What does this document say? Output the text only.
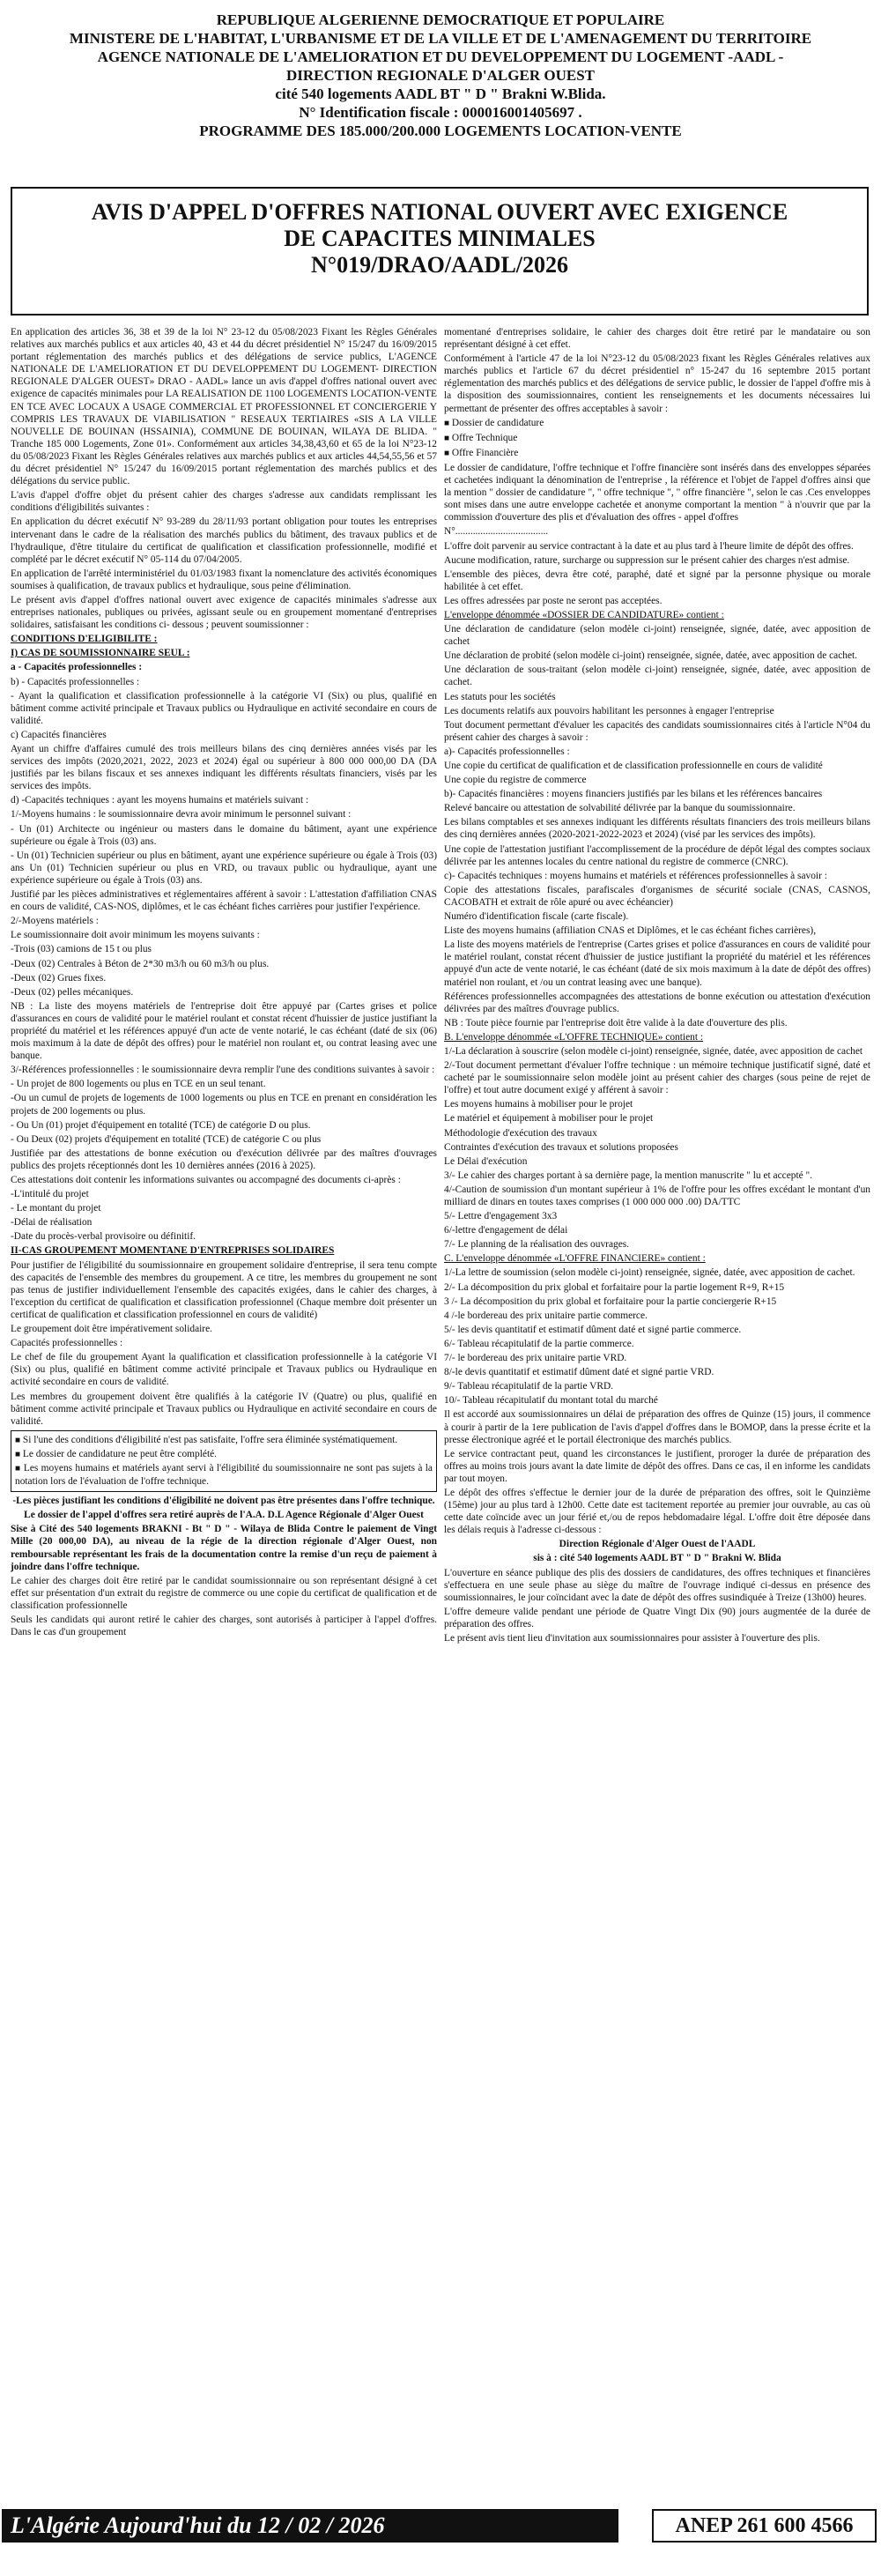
REPUBLIQUE ALGERIENNE DEMOCRATIQUE ET POPULAIRE
MINISTERE DE L'HABITAT, L'URBANISME ET DE LA VILLE ET DE L'AMENAGEMENT DU TERRITOIRE
AGENCE NATIONALE DE L'AMELIORATION ET DU DEVELOPPEMENT DU LOGEMENT -AADL -
DIRECTION REGIONALE D'ALGER OUEST
cité 540 logements AADL BT " D " Brakni W.Blida.
N° Identification fiscale : 000016001405697 .
PROGRAMME DES 185.000/200.000 LOGEMENTS LOCATION-VENTE
AVIS D'APPEL D'OFFRES NATIONAL OUVERT AVEC EXIGENCE
DE CAPACITES MINIMALES
N°019/DRAO/AADL/2026

En application des articles 36, 38 et 39 de la loi N° 23-12 du 05/08/2023 Fixant les Règles Générales relatives aux marchés publics et aux articles 40, 43 et 44 du décret présidentiel N° 15/247 du 16/09/2015 portant réglementation des marchés publics et des délégations de service publics, L'AGENCE NATIONALE DE L'AMELIORATION ET DU DEVELOPPEMENT DU LOGEMENT- DIRECTION REGIONALE D'ALGER OUEST» DRAO - AADL» lance un avis d'appel d'offres national ouvert avec exigence de capacités minimales pour LA REALISATION DE 1100 LOGEMENTS LOCATION-VENTE EN TCE AVEC LOCAUX A USAGE COMMERCIAL ET PROFESSIONNEL ET CONCIERGERIE Y COMPRIS LES TRAVAUX DE VIABILISATION " RESEAUX TERTIAIRES «SIS A LA VILLE NOUVELLE DE BOUINAN (HSSAINIA), COMMUNE DE BOUINAN, WILAYA DE BLIDA. " Tranche 185 000 Logements, Zone 01». Conformément aux articles 34,38,43,60 et 65 de la loi N°23-12 du 05/08/2023 Fixant les Règles Générales relatives aux marchés publics et aux articles 44,54,55,56 et 57 du décret présidentiel N° 15/247 du 16/09/2015 portant réglementation des marchés publics et des délégations du service public.

L'avis d'appel d'offre objet du présent cahier des charges s'adresse aux candidats remplissant les conditions d'éligibilités suivantes :

En application du décret exécutif N° 93-289 du 28/11/93 portant obligation pour toutes les entreprises intervenant dans le cadre de la réalisation des marchés publics du bâtiment, des travaux publics et de l'hydraulique, d'être titulaire du certificat de qualification et classification professionnelle, modifié et complété par le décret exécutif N° 05-114 du 07/04/2005.

En application de l'arrêté interministériel du 01/03/1983 fixant la nomenclature des activités économiques soumises à qualification, de travaux publics et hydraulique, sous peine d'élimination.

Le présent avis d'appel d'offres national ouvert avec exigence de capacités minimales s'adresse aux entreprises nationales, publiques ou privées, agissant seule ou en groupement momentané d'entreprises solidaires, satisfaisant les conditions ci- dessous ; peuvent soumissionner :

CONDITIONS D'ELIGIBILITE :

I) CAS DE SOUMISSIONNAIRE SEUL :

a - Capacités professionnelles :

b) - Capacités professionnelles :

- Ayant la qualification et classification professionnelle à la catégorie VI (Six) ou plus, qualifié en bâtiment comme activité principale et Travaux publics ou Hydraulique en activité secondaire en cours de validité.

c) Capacités financières

Ayant un chiffre d'affaires cumulé des trois meilleurs bilans des cinq dernières années visés par les services des impôts (2020,2021, 2022, 2023 et 2024) égal ou supérieur à 800 000 000,00 DA (DA justifiés par les bilans fiscaux et ses annexes indiquant les différents résultats financiers, visés par les services des impôts.

d) -Capacités techniques : ayant les moyens humains et matériels suivant :

1/-Moyens humains : le soumissionnaire devra avoir minimum le personnel suivant :

- Un (01) Architecte ou ingénieur ou masters dans le domaine du bâtiment, ayant une expérience supérieure ou égale à Trois (03) ans.

- Un (01) Technicien supérieur ou plus en bâtiment, ayant une expérience supérieure ou égale à Trois (03) ans Un (01) Technicien supérieur ou plus en VRD, ou travaux public ou hydraulique, ayant une expérience supérieure ou égale à Trois (03) ans.

Justifié par les pièces administratives et réglementaires afférent à savoir : L'attestation d'affiliation CNAS en cours de validité, CAS-NOS, diplômes, et le cas échéant fiches carrières pour justifier l'expérience.

2/-Moyens matériels :

Le soumissionnaire doit avoir minimum les moyens suivants :

-Trois (03) camions de 15 t ou plus

-Deux (02) Centrales à Béton de 2*30 m3/h ou 60 m3/h ou plus.

-Deux (02) Grues fixes.

-Deux (02) pelles mécaniques.

NB : La liste des moyens matériels de l'entreprise doit être appuyé par (Cartes grises et police d'assurances en cours de validité pour le matériel roulant et constat récent d'huissier de justice justifiant la propriété du matériel et les références appuyé d'un acte de vente notarié, le cas échéant (daté de six (06) mois maximum à la date de dépôt des offres) pour le matériel non roulant et, ou contrat leasing avec une banque.

3/-Références professionnelles : le soumissionnaire devra remplir l'une des conditions suivantes à savoir :

- Un projet de 800 logements ou plus en TCE en un seul tenant.

-Ou un cumul de projets de logements de 1000 logements ou plus en TCE en prenant en considération les projets de 200 logements ou plus.

- Ou Un (01) projet d'équipement en totalité (TCE) de catégorie D ou plus.

- Ou Deux (02) projets d'équipement en totalité (TCE) de catégorie C ou plus

Justifiée par des attestations de bonne exécution ou d'exécution délivrée par des maîtres d'ouvrages publics des projets réceptionnés dont les 10 dernières années (2016 à 2025).

Ces attestations doit contenir les informations suivantes ou accompagné des documents ci-après :

-L'intitulé du projet

- Le montant du projet

-Délai de réalisation

-Date du procès-verbal provisoire ou définitif.

II-CAS GROUPEMENT MOMENTANE D'ENTREPRISES SOLIDAIRES

Pour justifier de l'éligibilité du soumissionnaire en groupement solidaire d'entreprise, il sera tenu compte des capacités de l'ensemble des membres du groupement. A ce titre, les membres du groupement ne sont pas tenus de justifier individuellement l'ensemble des capacités exigées, dans le cahier des charges, à l'exception du certificat de qualification et classification professionnel (Chaque membre doit présenter un certificat de qualification et classification professionnel en cours de validité)

Le groupement doit être impérativement solidaire.

Capacités professionnelles :

Le chef de file du groupement Ayant la qualification et classification professionnelle à la catégorie VI (Six) ou plus, qualifié en bâtiment comme activité principale et Travaux publics ou Hydraulique en activité secondaire en cours de validité.

Les membres du groupement doivent être qualifiés à la catégorie IV (Quatre) ou plus, qualifié en bâtiment comme activité principale et Travaux publics ou Hydraulique en activité secondaire en cours de validité.

■ Si l'une des conditions d'éligibilité n'est pas satisfaite, l'offre sera éliminée systématiquement.

■ Le dossier de candidature ne peut être complété.

■ Les moyens humains et matériels ayant servi à l'éligibilité du soumissionnaire ne sont pas sujets à la notation lors de l'évaluation de l'offre technique.

-Les pièces justifiant les conditions d'éligibilité ne doivent pas être présentes dans l'offre technique.

Le dossier de l'appel d'offres sera retiré auprès de l'A.A. D.L Agence Régionale d'Alger Ouest

Sise à Cité des 540 logements BRAKNI - Bt " D " - Wilaya de Blida Contre le paiement de Vingt Mille (20 000,00 DA), au niveau de la régie de la direction régionale d'Alger Ouest, non remboursable représentant les frais de la documentation contre la remise d'un reçu de paiement à joindre dans l'offre technique.

Le cahier des charges doit être retiré par le candidat soumissionnaire ou son représentant désigné à cet effet sur présentation d'un extrait du registre de commerce ou une copie du certificat de qualification et de classification professionnelle

Seuls les candidats qui auront retiré le cahier des charges, sont autorisés à participer à l'appel d'offres. Dans le cas d'un groupement

momentané d'entreprises solidaire, le cahier des charges doit être retiré par le mandataire ou son représentant désigné à cet effet.

Conformément à l'article 47 de la loi N°23-12 du 05/08/2023 fixant les Règles Générales relatives aux marchés publics et l'article 67 du décret présidentiel n° 15-247 du 16 septembre 2015 portant réglementation des marchés publics et des délégations de service public, le dossier de l'appel d'offre mis à la disposition des soumissionnaires, contient les renseignements et les documents nécessaires lui permettant de présenter des offres acceptables à savoir :

■ Dossier de candidature

■ Offre Technique

■ Offre Financière

Le dossier de candidature, l'offre technique et l'offre financière sont insérés dans des enveloppes séparées et cachetées indiquant la dénomination de l'entreprise , la référence et l'objet de l'appel d'offres ainsi que la mention " dossier de candidature ", " offre technique ", " offre financière ", selon le cas .Ces enveloppes sont mises dans une autre enveloppe cachetée et anonyme comportant la mention " à n'ouvrir que par la commission d'ouverture des plis et d'évaluation des offres - appel d'offres

N°.....................................

L'offre doit parvenir au service contractant à la date et au plus tard à l'heure limite de dépôt des offres.

Aucune modification, rature, surcharge ou suppression sur le présent cahier des charges n'est admise.

L'ensemble des pièces, devra être coté, paraphé, daté et signé par la personne physique ou morale habilitée à cet effet.

Les offres adressées par poste ne seront pas acceptées.

L'enveloppe dénommée «DOSSIER DE CANDIDATURE» contient :

Une déclaration de candidature (selon modèle ci-joint) renseignée, signée, datée, avec apposition de cachet

Une déclaration de probité (selon modèle ci-joint) renseignée, signée, datée, avec apposition de cachet.

Une déclaration de sous-traitant (selon modèle ci-joint) renseignée, signée, datée, avec apposition de cachet.

Les statuts pour les sociétés

Les documents relatifs aux pouvoirs habilitant les personnes à engager l'entreprise

Tout document permettant d'évaluer les capacités des candidats soumissionnaires cités à l'article N°04 du présent cahier des charges à savoir :

a)- Capacités professionnelles :

Une copie du certificat de qualification et de classification professionnelle en cours de validité

Une copie du registre de commerce

b)- Capacités financières : moyens financiers justifiés par les bilans et les références bancaires

Relevé bancaire ou attestation de solvabilité délivrée par la banque du soumissionnaire.

Les bilans comptables et ses annexes indiquant les différents résultats financiers des trois meilleurs bilans des cinq dernières années (2020-2021-2022-2023 et 2024) (visé par les services des impôts).

Une copie de l'attestation justifiant l'accomplissement de la procédure de dépôt légal des comptes sociaux délivrée par les antennes locales du centre national du registre de commerce (CNRC).

c)- Capacités techniques : moyens humains et matériels et références professionnelles à savoir :

Copie des attestations fiscales, parafiscales d'organismes de sécurité sociale (CNAS, CASNOS, CACOBATH et extrait de rôle apuré ou avec échéancier)

Numéro d'identification fiscale (carte fiscale).

Liste des moyens humains (affiliation CNAS et Diplômes, et le cas échéant fiches carrières),

La liste des moyens matériels de l'entreprise (Cartes grises et police d'assurances en cours de validité pour le matériel roulant, constat récent d'huissier de justice justifiant la propriété du matériel et les références appuyé d'un acte de vente notarié, le cas échéant (daté de six mois maximum à la date de dépôt des offres) matériel non roulant, et /ou un contrat leasing avec une banque).

Références professionnelles accompagnées des attestations de bonne exécution ou attestation d'exécution délivrées par des maîtres d'ouvrage publics.

NB : Toute pièce fournie par l'entreprise doit être valide à la date d'ouverture des plis.

B. L'enveloppe dénommée «L'OFFRE TECHNIQUE» contient :

1/-La déclaration à souscrire (selon modèle ci-joint) renseignée, signée, datée, avec apposition de cachet

2/-Tout document permettant d'évaluer l'offre technique : un mémoire technique justificatif signé, daté et cacheté par le soumissionnaire selon modèle joint au présent cahier des charges (sous peine de rejet de l'offre) et tout autre document exigé y afférent à savoir :

Les moyens humains à mobiliser pour le projet

Le matériel et équipement à mobiliser pour le projet

Méthodologie d'exécution des travaux

Contraintes d'exécution des travaux et solutions proposées

Le Délai d'exécution

3/- Le cahier des charges portant à sa dernière page, la mention manuscrite " lu et accepté ".

4/-Caution de soumission d'un montant supérieur à 1% de l'offre pour les offres excédant le montant d'un milliard de dinars en toutes taxes comprises (1 000 000 000 .00) DA/TTC

5/- Lettre d'engagement 3x3

6/-lettre d'engagement de délai

7/- Le planning de la réalisation des ouvrages.

C. L'enveloppe dénommée «L'OFFRE FINANCIERE» contient :

1/-La lettre de soumission (selon modèle ci-joint) renseignée, signée, datée, avec apposition de cachet.

2/- La décomposition du prix global et forfaitaire pour la partie logement R+9, R+15

3 /- La décomposition du prix global et forfaitaire pour la partie conciergerie R+15

4 /-le bordereau des prix unitaire partie commerce.

5/- les devis quantitatif et estimatif dûment daté et signé partie commerce.

6/- Tableau récapitulatif de la partie commerce.

7/- le bordereau des prix unitaire partie VRD.

8/-le devis quantitatif et estimatif dûment daté et signé partie VRD.

9/- Tableau récapitulatif de la partie VRD.

10/- Tableau récapitulatif du montant total du marché

Il est accordé aux soumissionnaires un délai de préparation des offres de Quinze (15) jours, il commence à courir à partir de la 1ere publication de l'avis d'appel d'offres dans le BOMOP, dans la presse écrite et la presse électronique agréé et le portail électronique des marchés publics.

Le service contractant peut, quand les circonstances le justifient, proroger la durée de préparation des offres au moins trois jours avant la date limite de dépôt des offres. Dans ce cas, il en informe les candidats par tout moyen.

Le dépôt des offres s'effectue le dernier jour de la durée de préparation des offres, soit le Quinzième (15ème) jour au plus tard à 12h00. Cette date est tacitement reportée au premier jour ouvrable, au cas où cette date coïncide avec un jour férié et,/ou de repos hebdomadaire légal. L'offre doit être déposée dans les délais requis à l'adresse ci-dessous :

Direction Régionale d'Alger Ouest de l'AADL

sis à : cité 540 logements AADL BT " D " Brakni W. Blida

L'ouverture en séance publique des plis des dossiers de candidatures, des offres techniques et financières s'effectuera en une seule phase au siège du maître de l'ouvrage indiqué ci-dessus en présence des soumissionnaires, le jour coïncidant avec la date de dépôt des offres susindiquée à Treize (13h00) heures.

L'offre demeure valide pendant une période de Quatre Vingt Dix (90) jours augmentée de la durée de préparation des offres.

Le présent avis tient lieu d'invitation aux soumissionnaires pour assister à l'ouverture des plis.

L'Algérie Aujourd'hui du 12 / 02 / 2026	ANEP 261 600 4566
